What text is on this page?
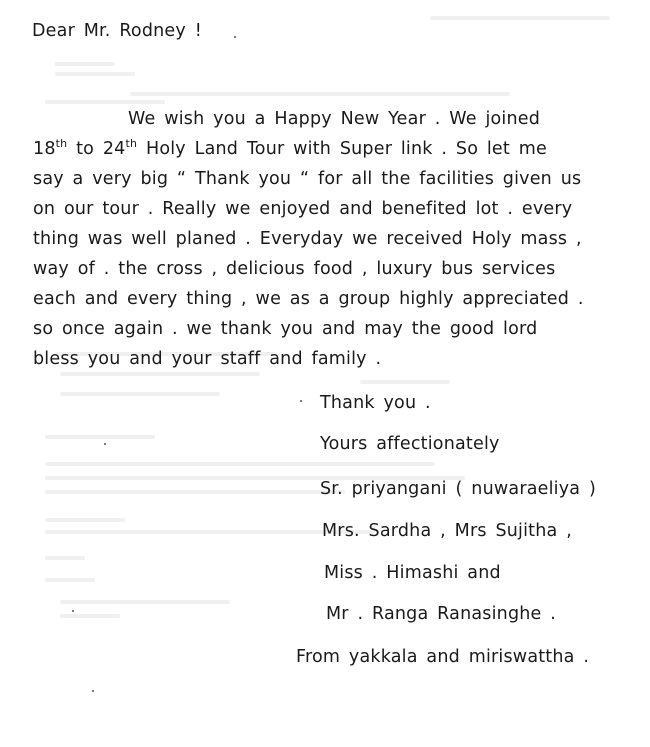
Dear Mr. Rodney !
We wish you a Happy New Year . We joined
18th to 24th Holy Land Tour with Super link . So let me
say a very big “ Thank you “ for all the facilities given us
on our tour . Really we enjoyed and benefited lot . every
thing was well planed . Everyday we received Holy mass ,
way of . the cross , delicious food , luxury bus services
each and every thing , we as a group highly appreciated .
so once again . we thank you and may the good lord
bless you and your staff and family .
Thank you .
Yours affectionately
Sr. priyangani ( nuwaraeliya )
Mrs. Sardha , Mrs Sujitha ,
Miss . Himashi and
Mr . Ranga Ranasinghe .
From yakkala and miriswattha .
